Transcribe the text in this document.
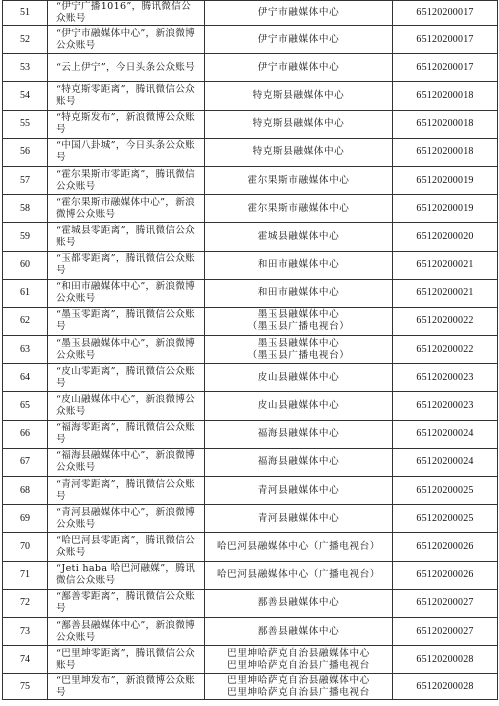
51	“伊宁广播1016”，腾讯微信公众账号	伊宁市融媒体中心	65120200017
52	“伊宁市融媒体中心”，新浪微博公众账号	伊宁市融媒体中心	65120200017
53	“云上伊宁”，今日头条公众账号	伊宁市融媒体中心	65120200017
54	“特克斯零距离”，腾讯微信公众账号	特克斯县融媒体中心	65120200018
55	“特克斯发布”，新浪微博公众账号	特克斯县融媒体中心	65120200018
56	“中国八卦城”，今日头条公众账号	特克斯县融媒体中心	65120200018
57	“霍尔果斯市零距离”，腾讯微信公众账号	霍尔果斯市融媒体中心	65120200019
58	“霍尔果斯市融媒体中心”，新浪微博公众账号	霍尔果斯市融媒体中心	65120200019
59	“霍城县零距离”，腾讯微信公众账号	霍城县融媒体中心	65120200020
60	“玉都零距离”，腾讯微信公众账号	和田市融媒体中心	65120200021
61	“和田市融媒体中心”，新浪微博公众账号	和田市融媒体中心	65120200021
62	“墨玉零距离”，腾讯微信公众账号	墨玉县融媒体中心
（墨玉县广播电视台）	65120200022
63	“墨玉县融媒体中心”，新浪微博公众账号	墨玉县融媒体中心
（墨玉县广播电视台）	65120200022
64	“皮山零距离”，腾讯微信公众账号	皮山县融媒体中心	65120200023
65	“皮山融媒体中心”，新浪微博公众账号	皮山县融媒体中心	65120200023
66	“福海零距离”，腾讯微信公众账号	福海县融媒体中心	65120200024
67	“福海县融媒体中心”，新浪微博公众账号	福海县融媒体中心	65120200024
68	“青河零距离”，腾讯微信公众账号	青河县融媒体中心	65120200025
69	“青河县融媒体中心”，新浪微博公众账号	青河县融媒体中心	65120200025
70	“哈巴河县零距离”，腾讯微信公众账号	哈巴河县融媒体中心（广播电视台）	65120200026
71	“Jeti haba 哈巴河融媒”，腾讯微信公众账号	哈巴河县融媒体中心（广播电视台）	65120200026
72	“鄯善零距离”，腾讯微信公众账号	鄯善县融媒体中心	65120200027
73	“鄯善县融媒体中心”，新浪微博公众账号	鄯善县融媒体中心	65120200027
74	“巴里坤零距离”，腾讯微信公众账号	巴里坤哈萨克自治县融媒体中心
巴里坤哈萨克自治县广播电视台	65120200028
75	“巴里坤发布”，新浪微博公众账号	巴里坤哈萨克自治县融媒体中心
巴里坤哈萨克自治县广播电视台	65120200028
